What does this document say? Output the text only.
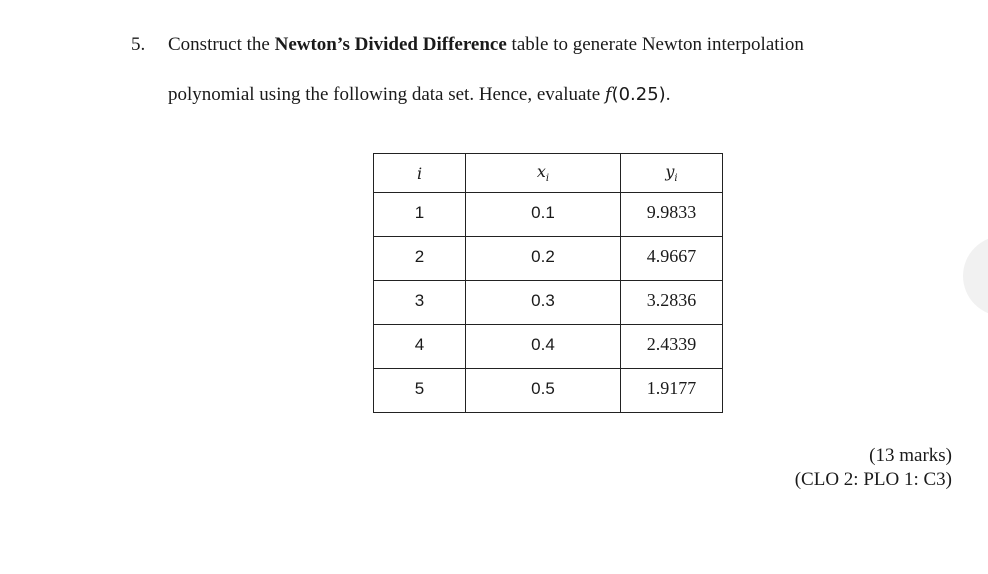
5. Construct the Newton’s Divided Difference table to generate Newton interpolation
polynomial using the following data set. Hence, evaluate f(0.25).
i	$x_i$	$y_i$
1	0.1	9.9833
2	0.2	4.9667
3	0.3	3.2836
4	0.4	2.4339
5	0.5	1.9177
(13 marks)
(CLO 2: PLO 1: C3)
